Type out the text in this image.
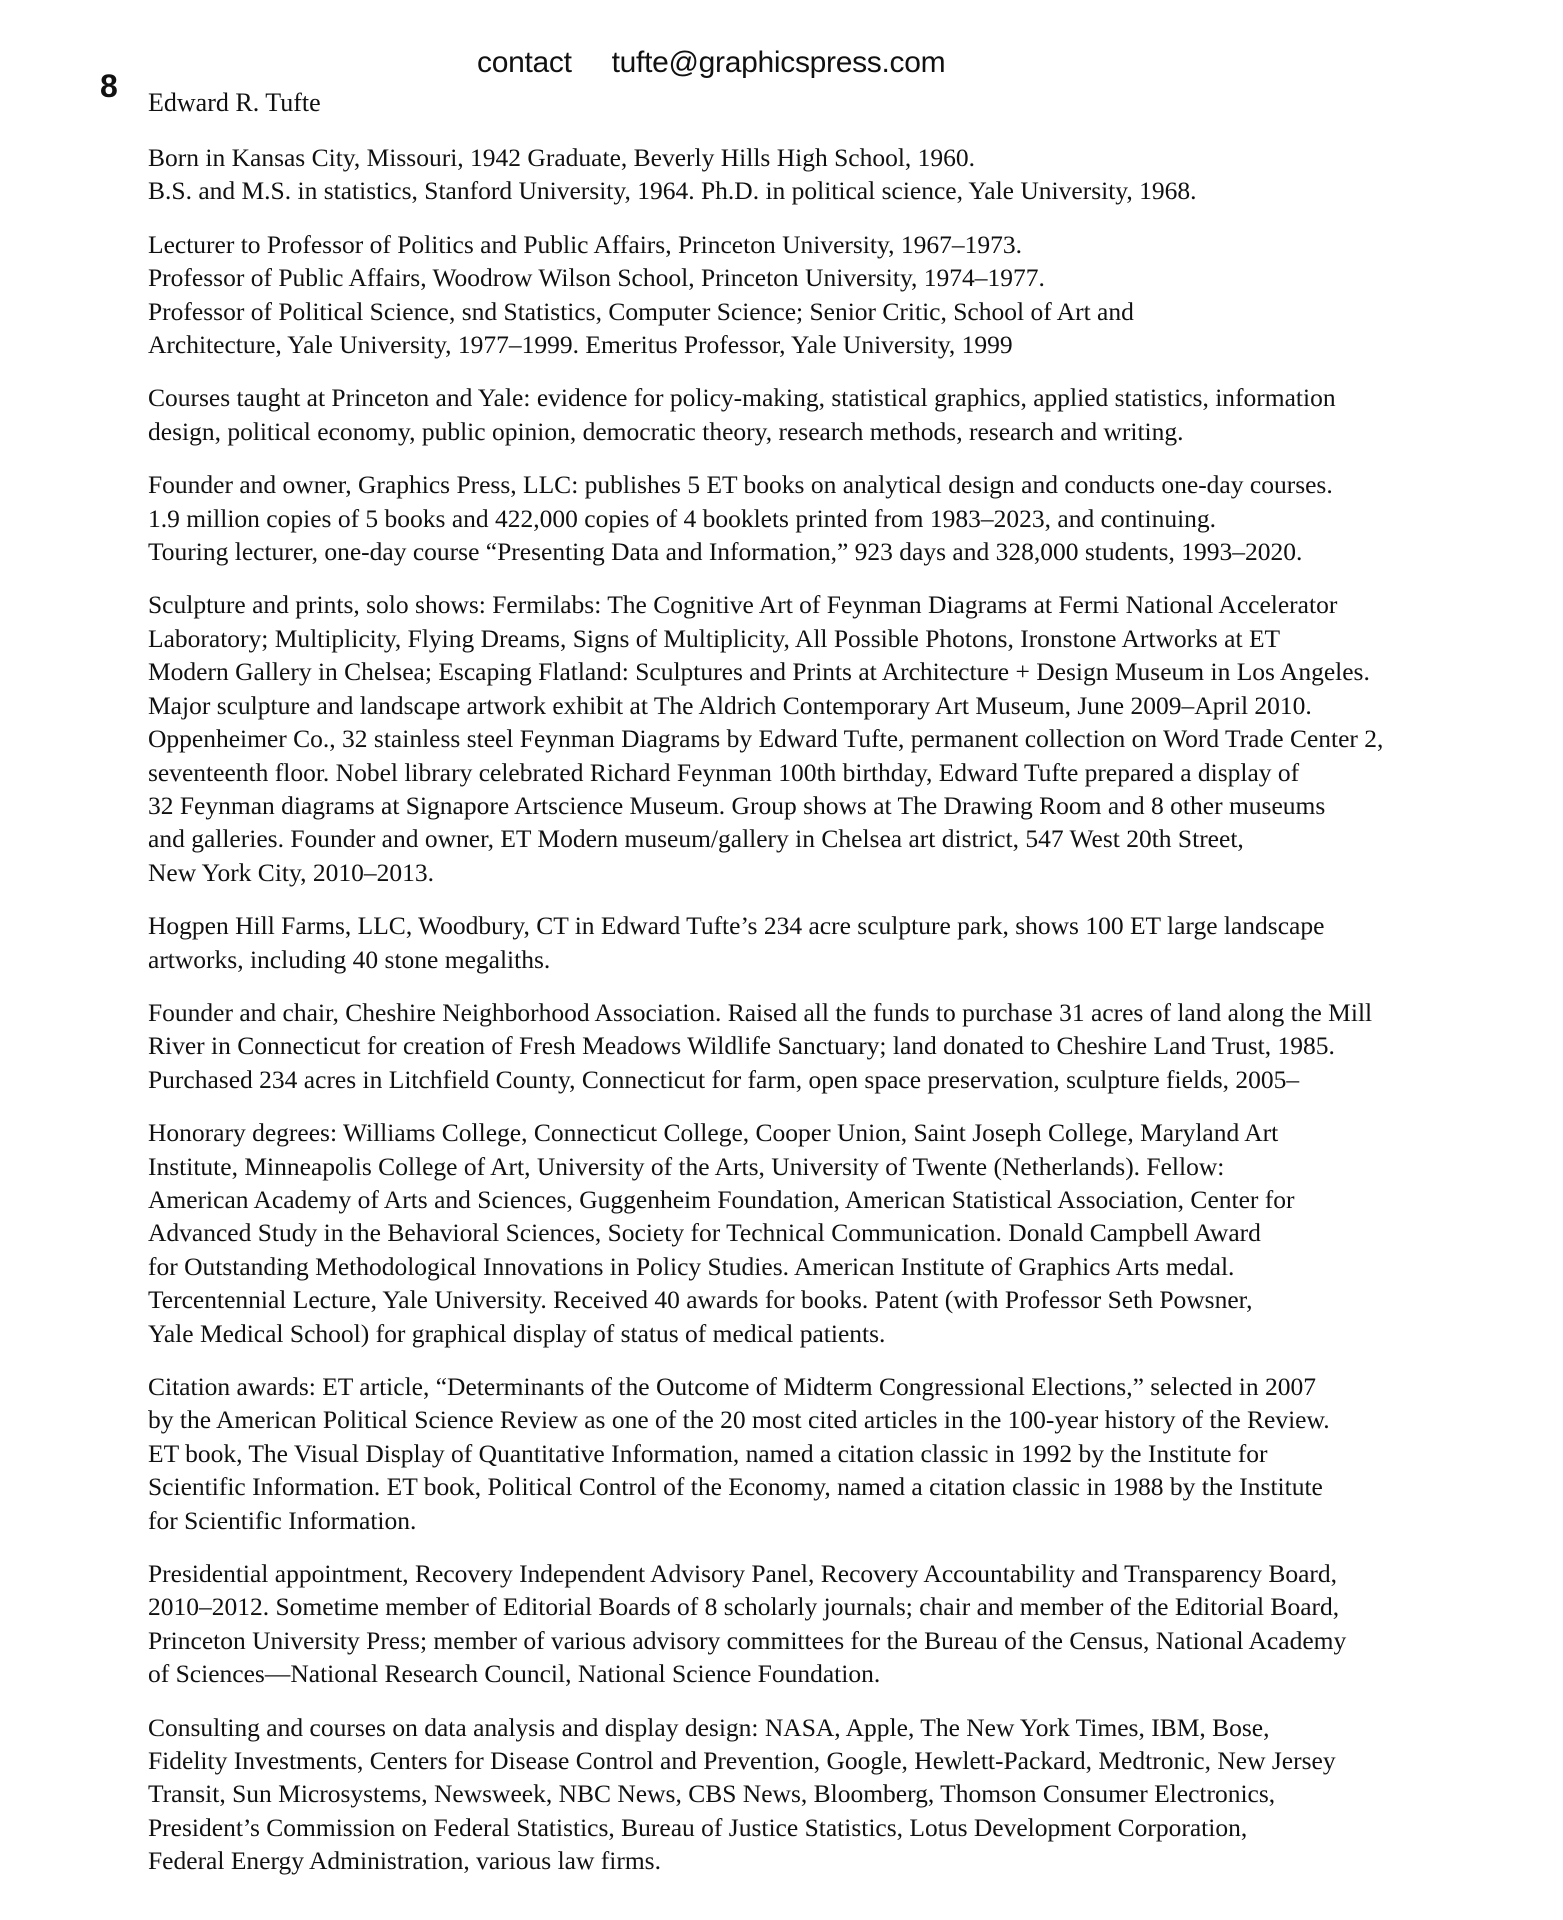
8
contact tufte@graphicspress.com
Edward R. Tufte

Born in Kansas City, Missouri, 1942 Graduate, Beverly Hills High School, 1960.
B.S. and M.S. in statistics, Stanford University, 1964. Ph.D. in political science, Yale University, 1968.

Lecturer to Professor of Politics and Public Affairs, Princeton University, 1967–1973.
Professor of Public Affairs, Woodrow Wilson School, Princeton University, 1974–1977.
Professor of Political Science, snd Statistics, Computer Science; Senior Critic, School of Art and
Architecture, Yale University, 1977–1999. Emeritus Professor, Yale University, 1999

Courses taught at Princeton and Yale: evidence for policy-making, statistical graphics, applied statistics, information
design, political economy, public opinion, democratic theory, research methods, research and writing.

Founder and owner, Graphics Press, LLC: publishes 5 ET books on analytical design and conducts one-day courses.
1.9 million copies of 5 books and 422,000 copies of 4 booklets printed from 1983–2023, and continuing.
Touring lecturer, one-day course “Presenting Data and Information,” 923 days and 328,000 students, 1993–2020.

Sculpture and prints, solo shows: Fermilabs: The Cognitive Art of Feynman Diagrams at Fermi National Accelerator
Laboratory; Multiplicity, Flying Dreams, Signs of Multiplicity, All Possible Photons, Ironstone Artworks at ET
Modern Gallery in Chelsea; Escaping Flatland: Sculptures and Prints at Architecture + Design Museum in Los Angeles.
Major sculpture and landscape artwork exhibit at The Aldrich Contemporary Art Museum, June 2009–April 2010.
Oppenheimer Co., 32 stainless steel Feynman Diagrams by Edward Tufte, permanent collection on Word Trade Center 2,
seventeenth floor. Nobel library celebrated Richard Feynman 100th birthday, Edward Tufte prepared a display of
32 Feynman diagrams at Signapore Artscience Museum. Group shows at The Drawing Room and 8 other museums
and galleries. Founder and owner, ET Modern museum/gallery in Chelsea art district, 547 West 20th Street,
New York City, 2010–2013.

Hogpen Hill Farms, LLC, Woodbury, CT in Edward Tufte’s 234 acre sculpture park, shows 100 ET large landscape
artworks, including 40 stone megaliths.

Founder and chair, Cheshire Neighborhood Association. Raised all the funds to purchase 31 acres of land along the Mill
River in Connecticut for creation of Fresh Meadows Wildlife Sanctuary; land donated to Cheshire Land Trust, 1985.
Purchased 234 acres in Litchfield County, Connecticut for farm, open space preservation, sculpture fields, 2005–

Honorary degrees: Williams College, Connecticut College, Cooper Union, Saint Joseph College, Maryland Art
Institute, Minneapolis College of Art, University of the Arts, University of Twente (Netherlands). Fellow:
American Academy of Arts and Sciences, Guggenheim Foundation, American Statistical Association, Center for
Advanced Study in the Behavioral Sciences, Society for Technical Communication. Donald Campbell Award
for Outstanding Methodological Innovations in Policy Studies. American Institute of Graphics Arts medal.
Tercentennial Lecture, Yale University. Received 40 awards for books. Patent (with Professor Seth Powsner,
Yale Medical School) for graphical display of status of medical patients.

Citation awards: ET article, “Determinants of the Outcome of Midterm Congressional Elections,” selected in 2007
by the American Political Science Review as one of the 20 most cited articles in the 100-year history of the Review.
ET book, The Visual Display of Quantitative Information, named a citation classic in 1992 by the Institute for
Scientific Information. ET book, Political Control of the Economy, named a citation classic in 1988 by the Institute
for Scientific Information.

Presidential appointment, Recovery Independent Advisory Panel, Recovery Accountability and Transparency Board,
2010–2012. Sometime member of Editorial Boards of 8 scholarly journals; chair and member of the Editorial Board,
Princeton University Press; member of various advisory committees for the Bureau of the Census, National Academy
of Sciences—National Research Council, National Science Foundation.

Consulting and courses on data analysis and display design: NASA, Apple, The New York Times, IBM, Bose,
Fidelity Investments, Centers for Disease Control and Prevention, Google, Hewlett-Packard, Medtronic, New Jersey
Transit, Sun Microsystems, Newsweek, NBC News, CBS News, Bloomberg, Thomson Consumer Electronics,
President’s Commission on Federal Statistics, Bureau of Justice Statistics, Lotus Development Corporation,
Federal Energy Administration, various law firms.
